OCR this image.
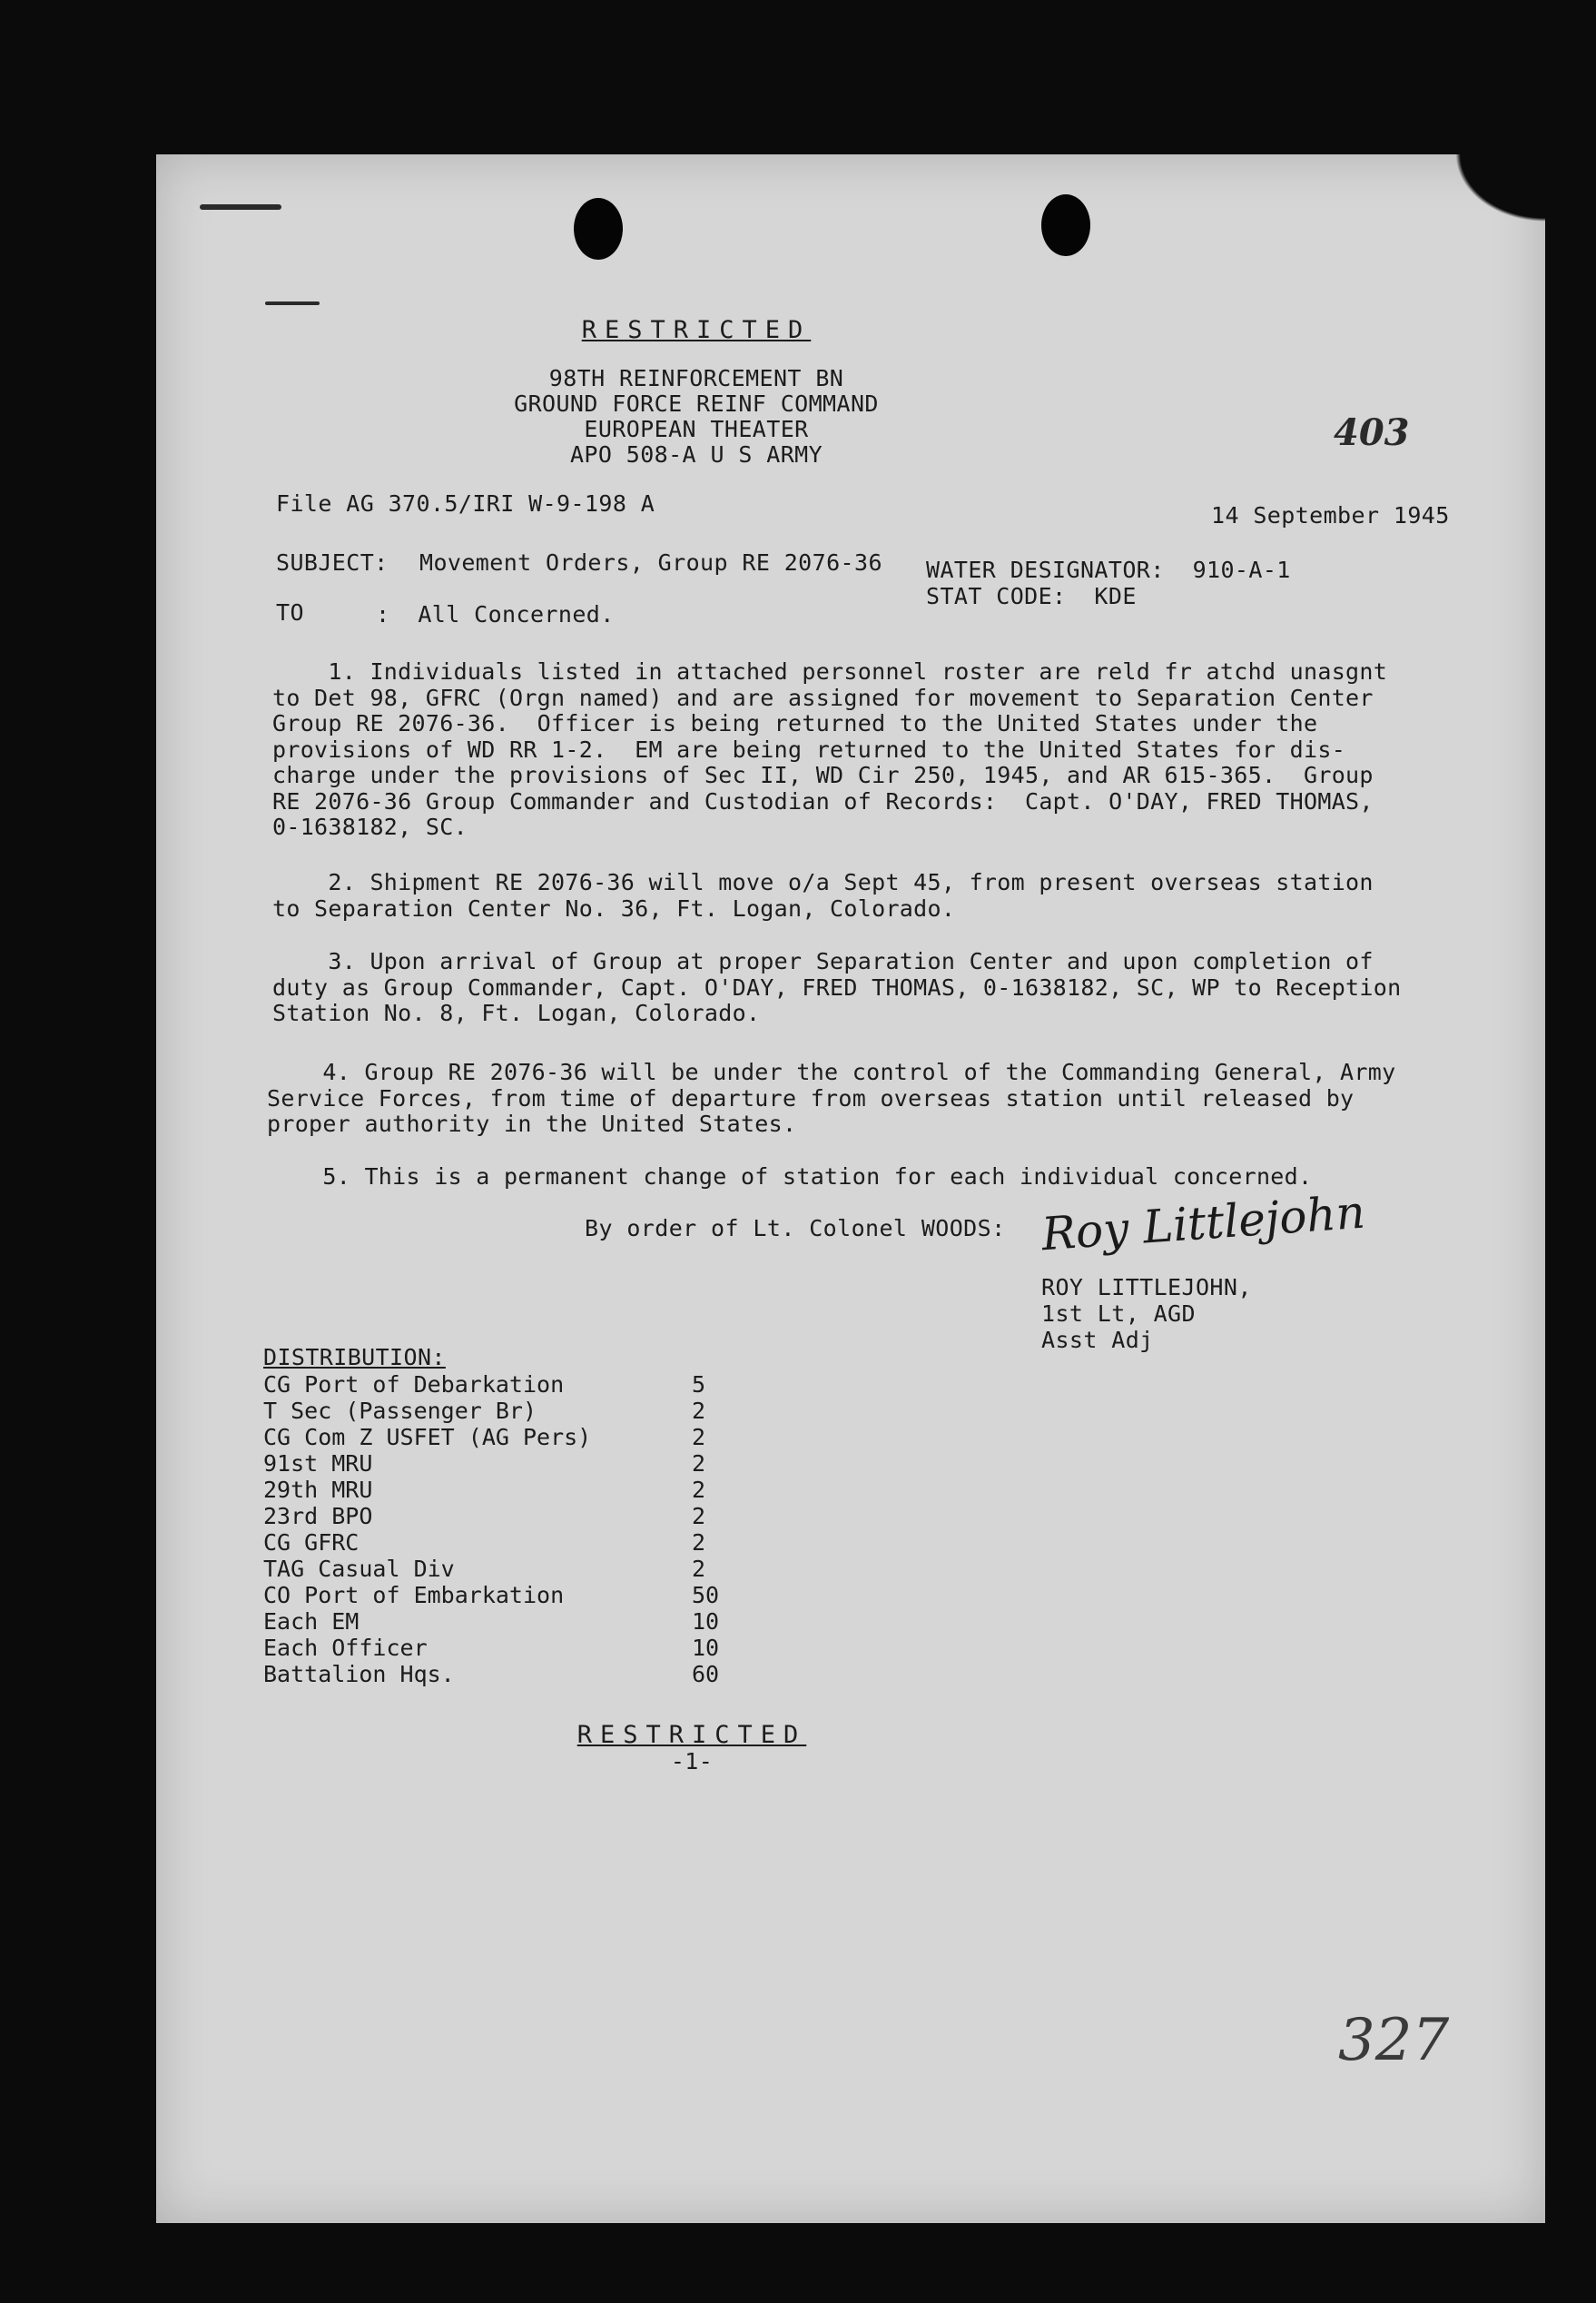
RESTRICTED
98TH REINFORCEMENT BN
GROUND FORCE REINF COMMAND
EUROPEAN THEATER
APO 508-A U S ARMY
403
File AG 370.5/IRI W-9-198 A	14 September 1945
SUBJECT: Movement Orders, Group RE 2076-36 WATER DESIGNATOR:  910-A-1
STAT CODE:  KDE
TO	:  All Concerned.

1. Individuals listed in attached personnel roster are reld fr atchd unasgnt

to Det 98, GFRC (Orgn named) and are assigned for movement to Separation Center

Group RE 2076-36.  Officer is being returned to the United States under the

provisions of WD RR 1-2.  EM are being returned to the United States for dis-

charge under the provisions of Sec II, WD Cir 250, 1945, and AR 615-365.  Group

RE 2076-36 Group Commander and Custodian of Records:  Capt. O'DAY, FRED THOMAS,

0-1638182, SC.

2. Shipment RE 2076-36 will move o/a Sept 45, from present overseas station

to Separation Center No. 36, Ft. Logan, Colorado.

3. Upon arrival of Group at proper Separation Center and upon completion of

duty as Group Commander, Capt. O'DAY, FRED THOMAS, 0-1638182, SC, WP to Reception

Station No. 8, Ft. Logan, Colorado.

4. Group RE 2076-36 will be under the control of the Commanding General, Army

Service Forces, from time of departure from overseas station until released by

proper authority in the United States.

5. This is a permanent change of station for each individual concerned.

By order of Lt. Colonel WOODS: Roy Littlejohn
ROY LITTLEJOHN,
1st Lt, AGD
Asst Adj
DISTRIBUTION:
CG Port of Debarkation	5
T Sec (Passenger Br)	2
CG Com Z USFET (AG Pers)	2
91st MRU	2
29th MRU	2
23rd BPO	2
CG GFRC	2
TAG Casual Div	2
CO Port of Embarkation	50
Each EM	10
Each Officer	10
Battalion Hqs.	60
RESTRICTED
-1-
327
